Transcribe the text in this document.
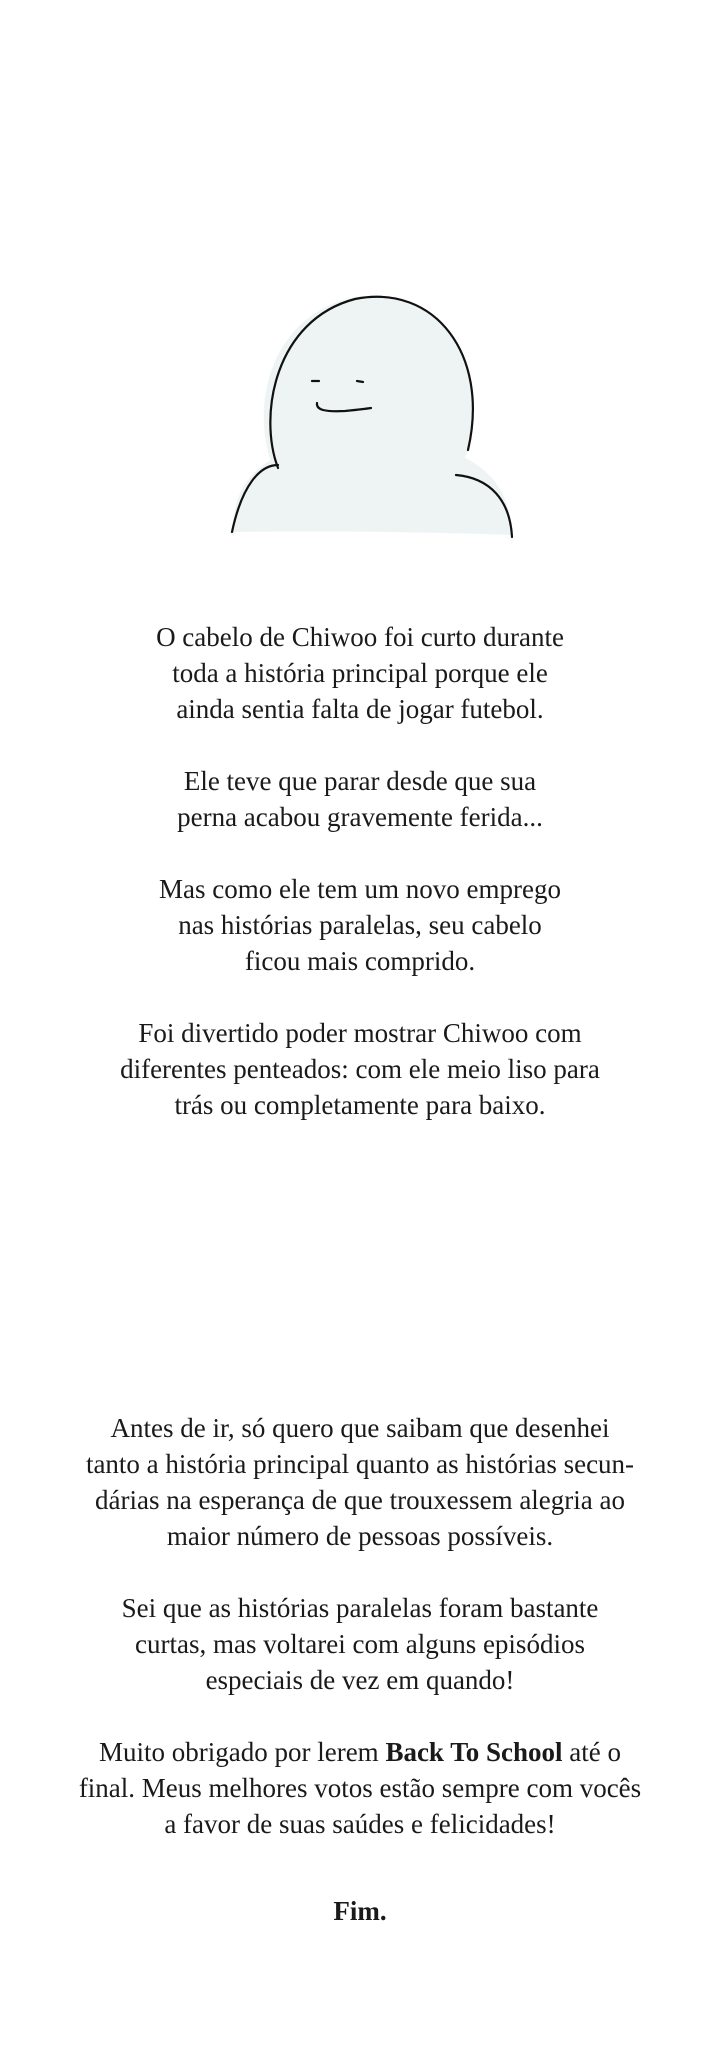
O cabelo de Chiwoo foi curto durante
toda a história principal porque ele
ainda sentia falta de jogar futebol.

Ele teve que parar desde que sua
perna acabou gravemente ferida...

Mas como ele tem um novo emprego
nas histórias paralelas, seu cabelo
ficou mais comprido.

Foi divertido poder mostrar Chiwoo com
diferentes penteados: com ele meio liso para
trás ou completamente para baixo.

Antes de ir, só quero que saibam que desenhei
tanto a história principal quanto as histórias secun-
dárias na esperança de que trouxessem alegria ao
maior número de pessoas possíveis.

Sei que as histórias paralelas foram bastante
curtas, mas voltarei com alguns episódios
especiais de vez em quando!

Muito obrigado por lerem Back To School até o
final. Meus melhores votos estão sempre com vocês
a favor de suas saúdes e felicidades!

Fim.
